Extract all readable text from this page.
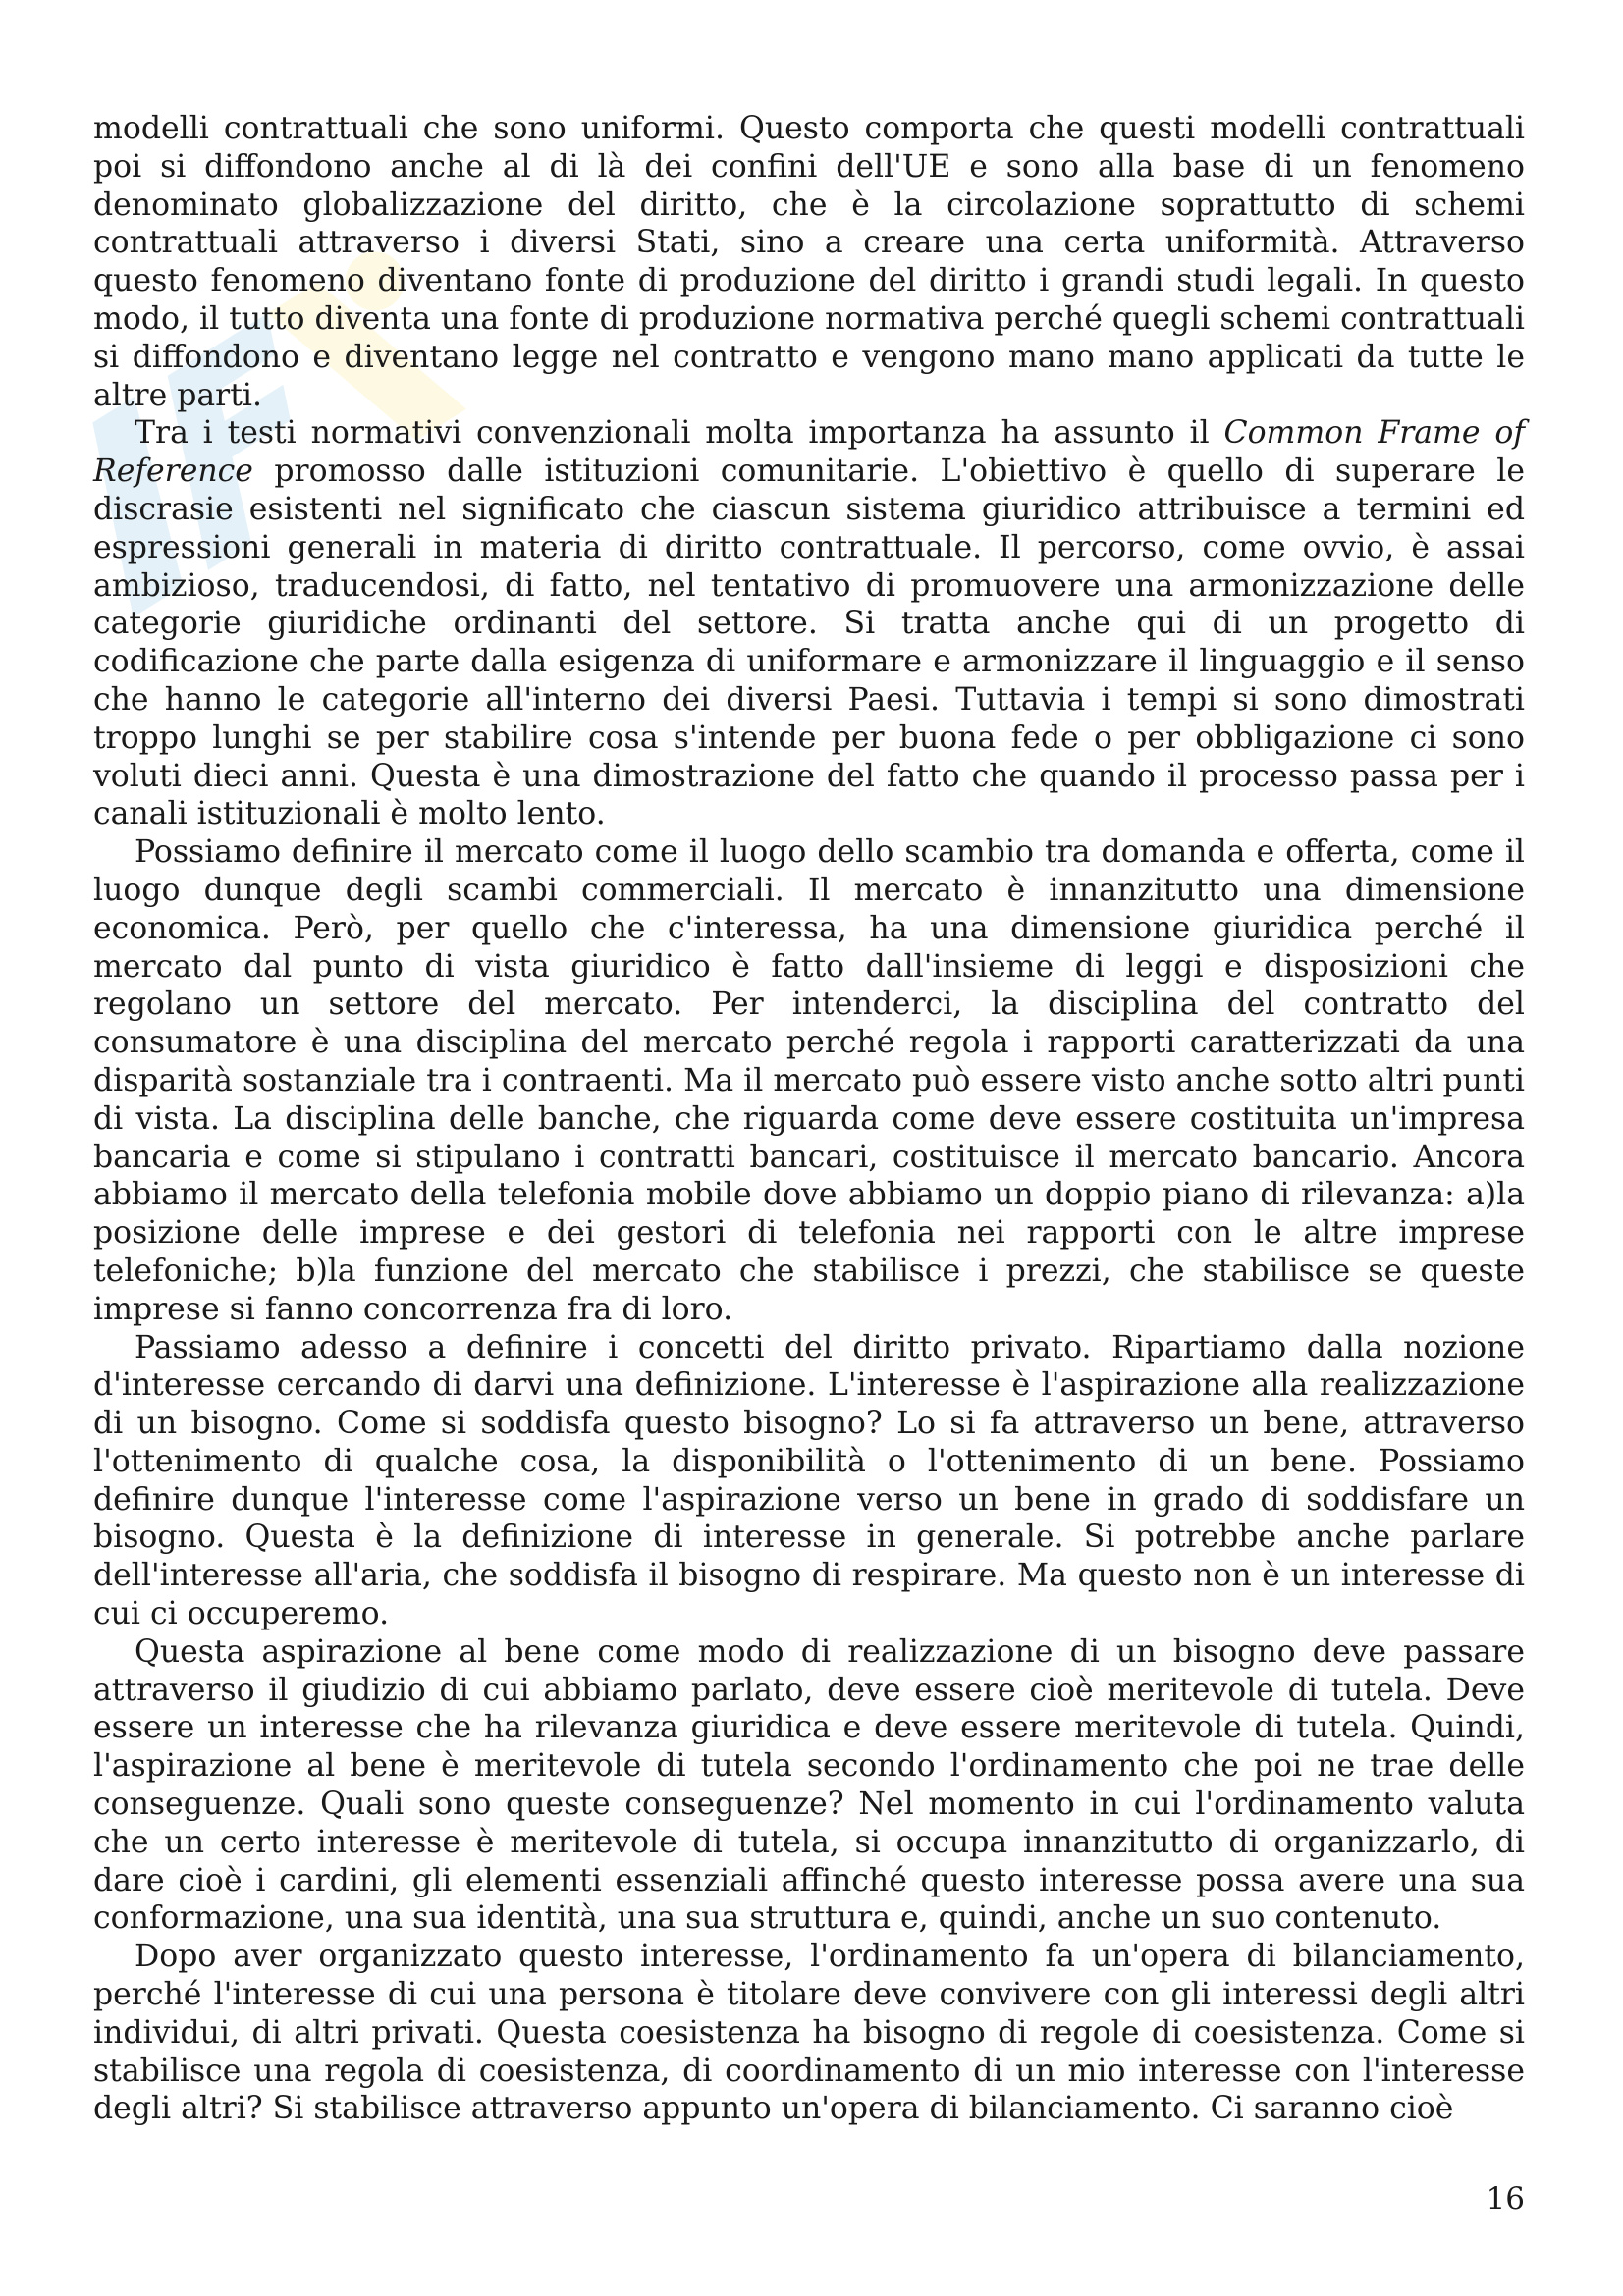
modelli contrattuali che sono uniformi. Questo comporta che questi modelli contrattuali poi si diffondono anche al di là dei confini dell'UE e sono alla base di un fenomeno denominato globalizzazione del diritto, che è la circolazione soprattutto di schemi contrattuali attraverso i diversi Stati, sino a creare una certa uniformità. Attraverso questo fenomeno diventano fonte di produzione del diritto i grandi studi legali. In questo modo, il tutto diventa una fonte di produzione normativa perché quegli schemi contrattuali si diffondono e diventano legge nel contratto e vengono mano mano applicati da tutte le altre parti.

Tra i testi normativi convenzionali molta importanza ha assunto il Common Frame of Reference promosso dalle istituzioni comunitarie. L'obiettivo è quello di superare le discrasie esistenti nel significato che ciascun sistema giuridico attribuisce a termini ed espressioni generali in materia di diritto contrattuale. Il percorso, come ovvio, è assai ambizioso, traducendosi, di fatto, nel tentativo di promuovere una armonizzazione delle categorie giuridiche ordinanti del settore. Si tratta anche qui di un progetto di codificazione che parte dalla esigenza di uniformare e armonizzare il linguaggio e il senso che hanno le categorie all'interno dei diversi Paesi. Tuttavia i tempi si sono dimostrati troppo lunghi se per stabilire cosa s'intende per buona fede o per obbligazione ci sono voluti dieci anni. Questa è una dimostrazione del fatto che quando il processo passa per i canali istituzionali è molto lento.

Possiamo definire il mercato come il luogo dello scambio tra domanda e offerta, come il luogo dunque degli scambi commerciali. Il mercato è innanzitutto una dimensione economica. Però, per quello che c'interessa, ha una dimensione giuridica perché il mercato dal punto di vista giuridico è fatto dall'insieme di leggi e disposizioni che regolano un settore del mercato. Per intenderci, la disciplina del contratto del consumatore è una disciplina del mercato perché regola i rapporti caratterizzati da una disparità sostanziale tra i contraenti. Ma il mercato può essere visto anche sotto altri punti di vista. La disciplina delle banche, che riguarda come deve essere costituita un'impresa bancaria e come si stipulano i contratti bancari, costituisce il mercato bancario. Ancora abbiamo il mercato della telefonia mobile dove abbiamo un doppio piano di rilevanza: a)la posizione delle imprese e dei gestori di telefonia nei rapporti con le altre imprese telefoniche; b)la funzione del mercato che stabilisce i prezzi, che stabilisce se queste imprese si fanno concorrenza fra di loro.

Passiamo adesso a definire i concetti del diritto privato. Ripartiamo dalla nozione d'interesse cercando di darvi una definizione. L'interesse è l'aspirazione alla realizzazione di un bisogno. Come si soddisfa questo bisogno? Lo si fa attraverso un bene, attraverso l'ottenimento di qualche cosa, la disponibilità o l'ottenimento di un bene. Possiamo definire dunque l'interesse come l'aspirazione verso un bene in grado di soddisfare un bisogno. Questa è la definizione di interesse in generale. Si potrebbe anche parlare dell'interesse all'aria, che soddisfa il bisogno di respirare. Ma questo non è un interesse di cui ci occuperemo.

Questa aspirazione al bene come modo di realizzazione di un bisogno deve passare attraverso il giudizio di cui abbiamo parlato, deve essere cioè meritevole di tutela. Deve essere un interesse che ha rilevanza giuridica e deve essere meritevole di tutela. Quindi, l'aspirazione al bene è meritevole di tutela secondo l'ordinamento che poi ne trae delle conseguenze. Quali sono queste conseguenze? Nel momento in cui l'ordinamento valuta che un certo interesse è meritevole di tutela, si occupa innanzitutto di organizzarlo, di dare cioè i cardini, gli elementi essenziali affinché questo interesse possa avere una sua conformazione, una sua identità, una sua struttura e, quindi, anche un suo contenuto.

Dopo aver organizzato questo interesse, l'ordinamento fa un'opera di bilanciamento, perché l'interesse di cui una persona è titolare deve convivere con gli interessi degli altri individui, di altri privati. Questa coesistenza ha bisogno di regole di coesistenza. Come si stabilisce una regola di coesistenza, di coordinamento di un mio interesse con l'interesse degli altri? Si stabilisce attraverso appunto un'opera di bilanciamento. Ci saranno cioè

16
